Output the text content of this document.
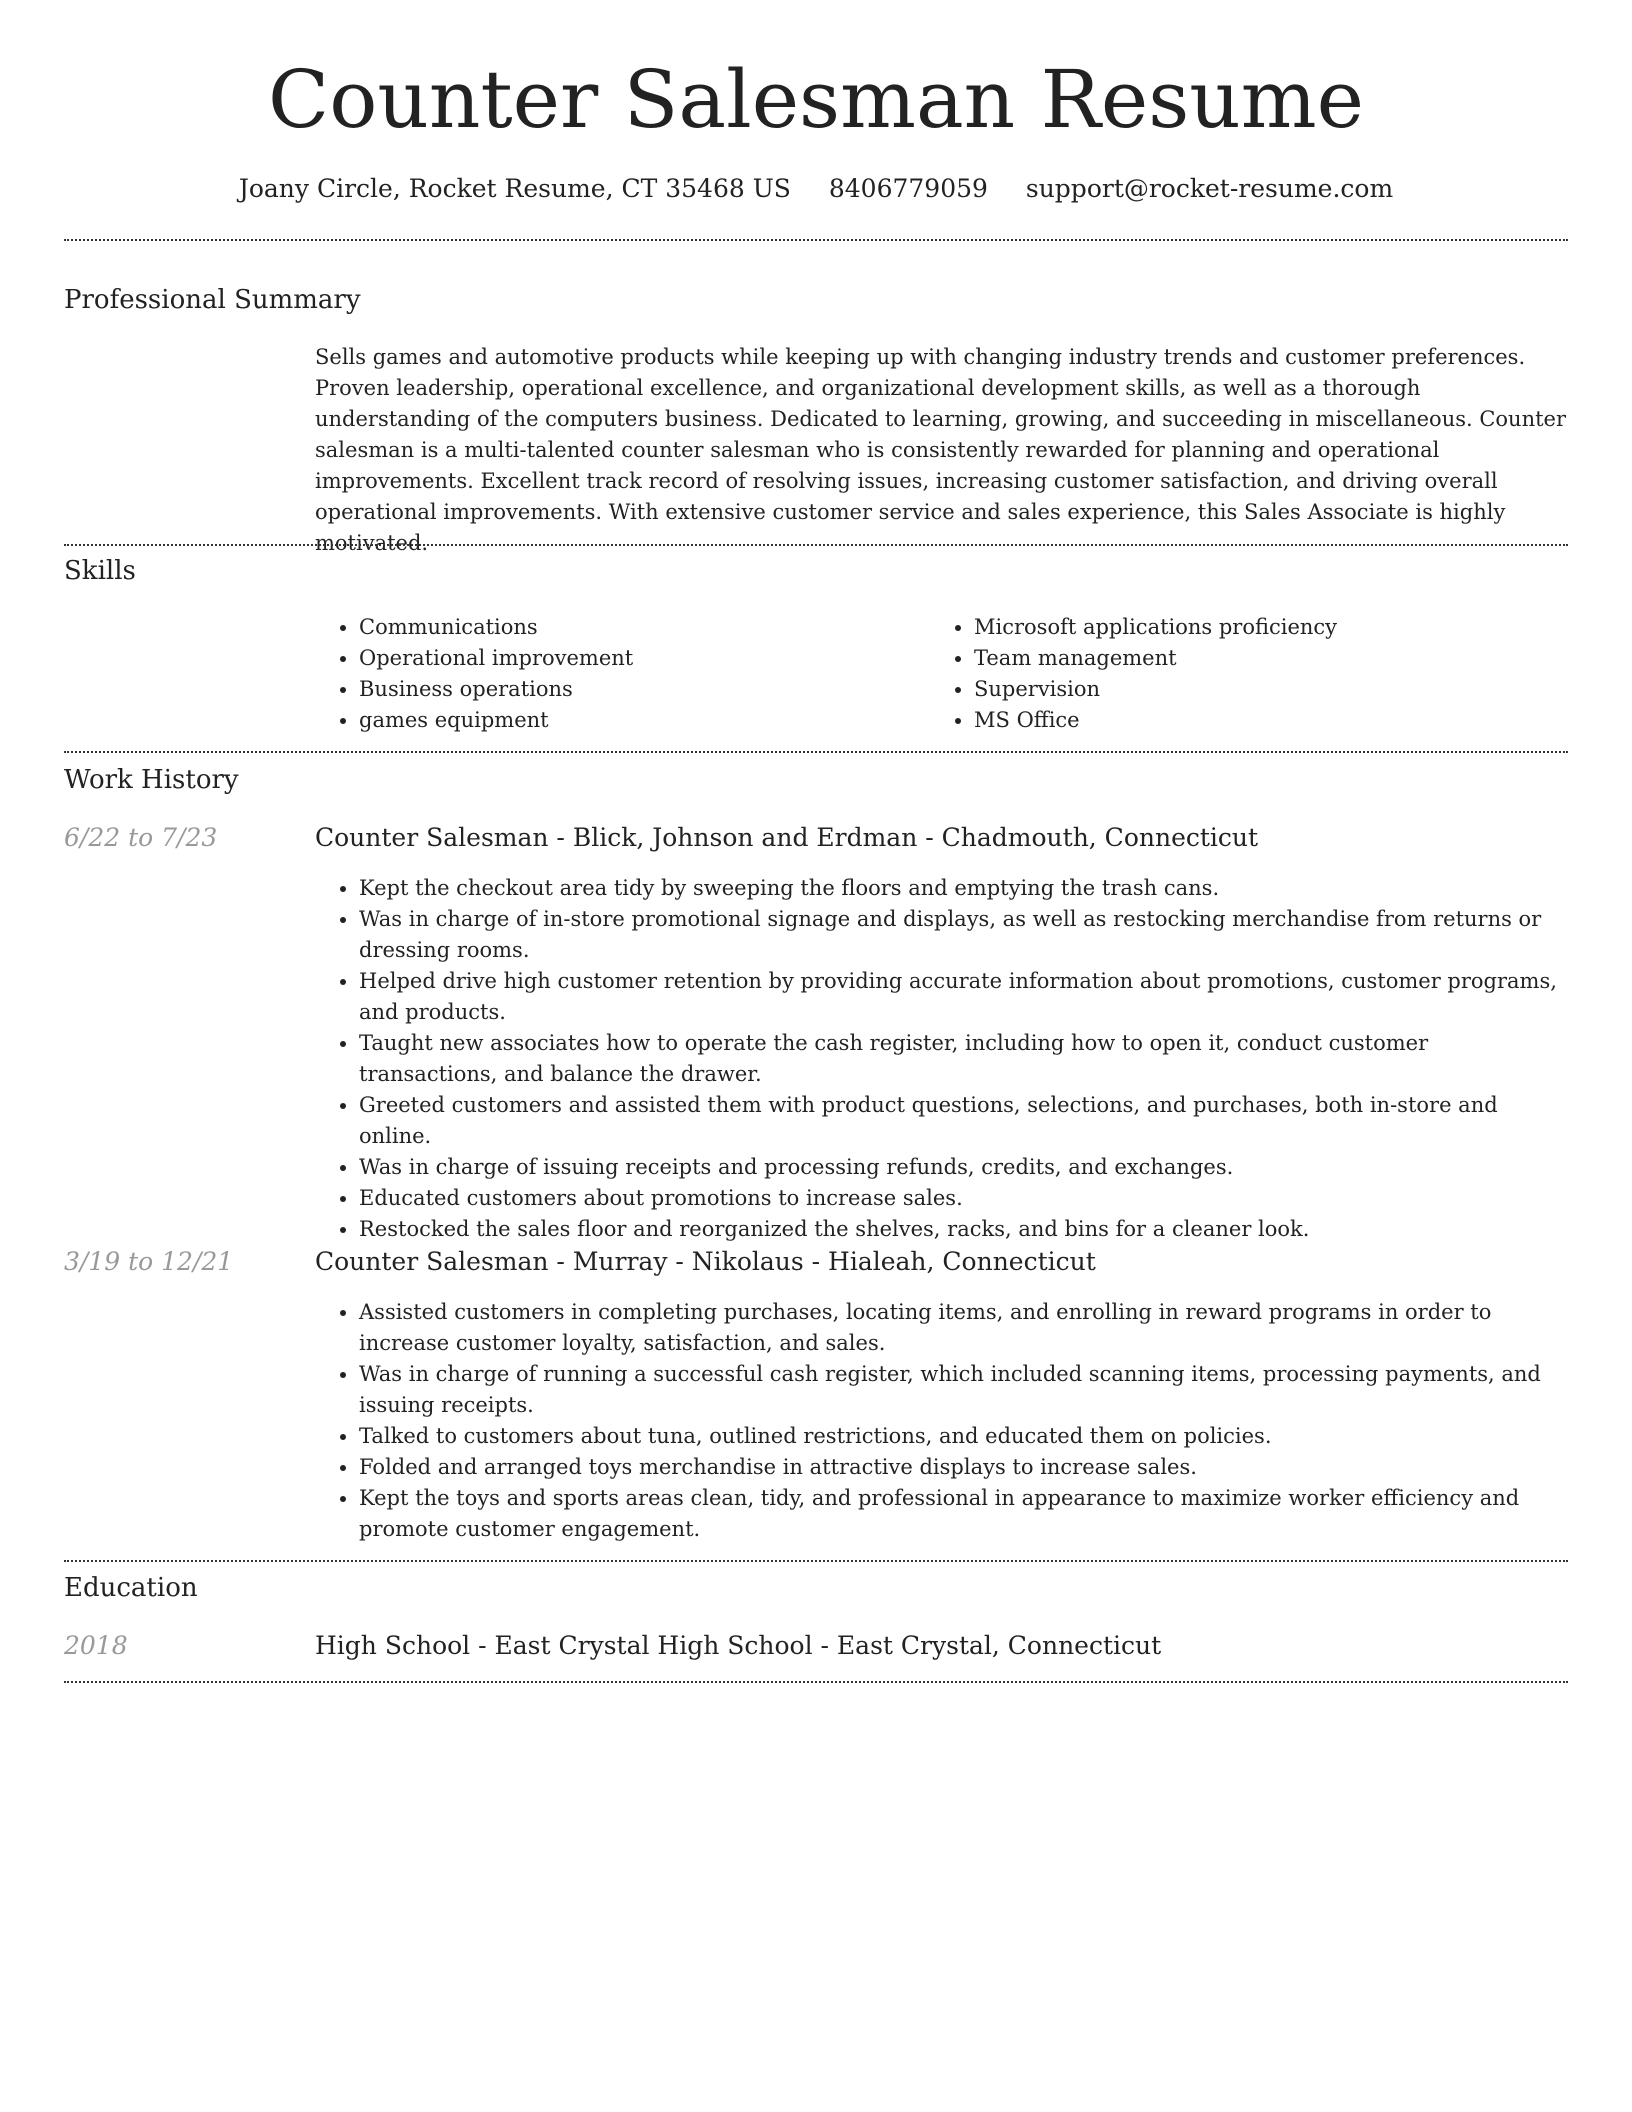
Counter Salesman Resume
Joany Circle, Rocket Resume, CT 35468 US 8406779059 support@rocket-resume.com
Professional Summary

Sells games and automotive products while keeping up with changing industry trends and customer preferences. Proven leadership, operational excellence, and organizational development skills, as well as a thorough understanding of the computers business. Dedicated to learning, growing, and succeeding in miscellaneous. Counter salesman is a multi-talented counter salesman who is consistently rewarded for planning and operational improvements. Excellent track record of resolving issues, increasing customer satisfaction, and driving overall operational improvements. With extensive customer service and sales experience, this Sales Associate is highly motivated.

Skills
• Communications
• Operational improvement
• Business operations
• games equipment
• Microsoft applications proficiency
• Team management
• Supervision
• MS Office
Work History
6/22 to 7/23	Counter Salesman - Blick, Johnson and Erdman - Chadmouth, Connecticut
• Kept the checkout area tidy by sweeping the floors and emptying the trash cans.
• Was in charge of in-store promotional signage and displays, as well as restocking merchandise from returns or dressing rooms.
• Helped drive high customer retention by providing accurate information about promotions, customer programs, and products.
• Taught new associates how to operate the cash register, including how to open it, conduct customer transactions, and balance the drawer.
• Greeted customers and assisted them with product questions, selections, and purchases, both in-store and online.
• Was in charge of issuing receipts and processing refunds, credits, and exchanges.
• Educated customers about promotions to increase sales.
• Restocked the sales floor and reorganized the shelves, racks, and bins for a cleaner look.
3/19 to 12/21	Counter Salesman - Murray - Nikolaus - Hialeah, Connecticut
• Assisted customers in completing purchases, locating items, and enrolling in reward programs in order to increase customer loyalty, satisfaction, and sales.
• Was in charge of running a successful cash register, which included scanning items, processing payments, and issuing receipts.
• Talked to customers about tuna, outlined restrictions, and educated them on policies.
• Folded and arranged toys merchandise in attractive displays to increase sales.
• Kept the toys and sports areas clean, tidy, and professional in appearance to maximize worker efficiency and promote customer engagement.
Education
2018	High School - East Crystal High School - East Crystal, Connecticut
